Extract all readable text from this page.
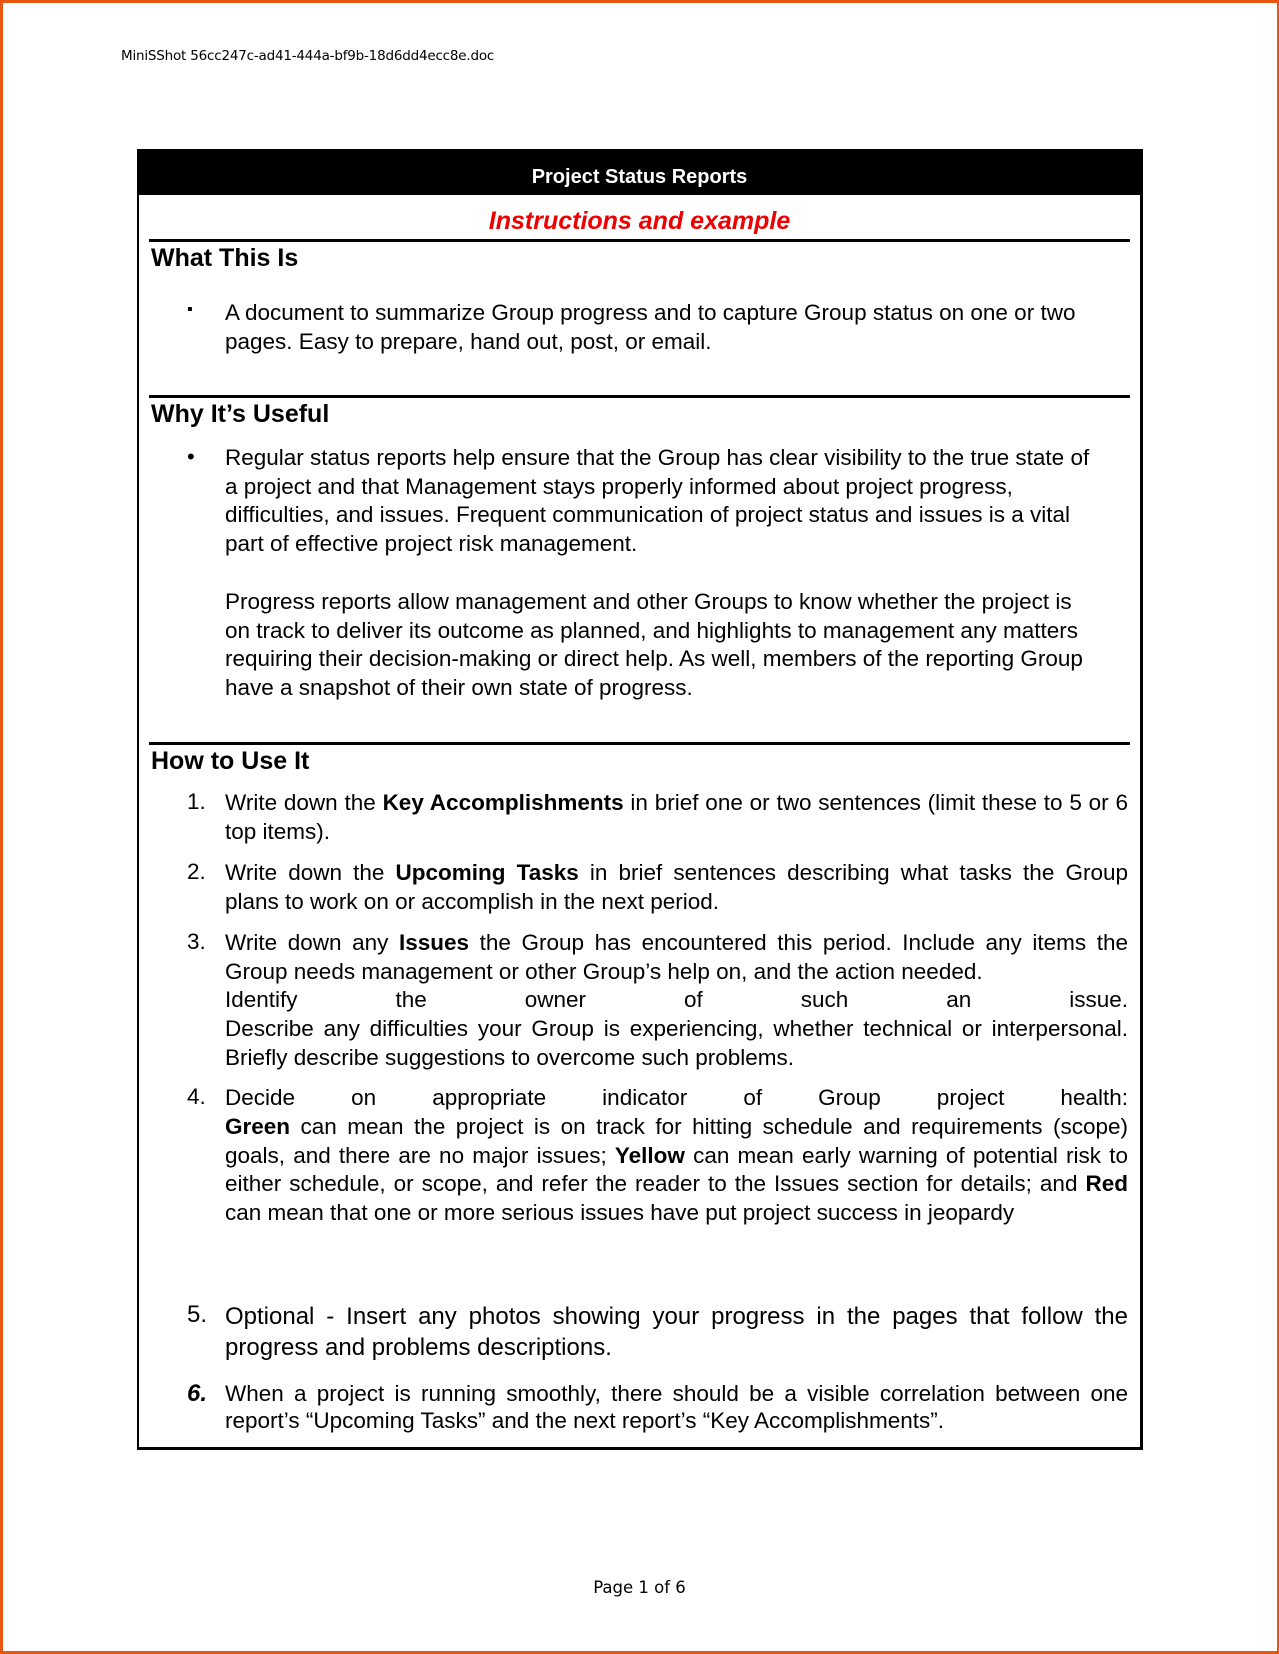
MiniSShot 56cc247c-ad41-444a-bf9b-18d6dd4ecc8e.doc
Project Status Reports
Instructions and example
What This Is
▪ A document to summarize Group progress and to capture Group status on one or two pages. Easy to prepare, hand out, post, or email.
Why It’s Useful
• Regular status reports help ensure that the Group has clear visibility to the true state of a project and that Management stays properly informed about project progress, difficulties, and issues. Frequent communication of project status and issues is a vital part of effective project risk management.
Progress reports allow management and other Groups to know whether the project is on track to deliver its outcome as planned, and highlights to management any matters requiring their decision-making or direct help. As well, members of the reporting Group have a snapshot of their own state of progress.
How to Use It
1. Write down the Key Accomplishments in brief one or two sentences (limit these to 5 or 6 top items).
2. Write down the Upcoming Tasks in brief sentences describing what tasks the Group plans to work on or accomplish in the next period.
3. Write down any Issues the Group has encountered this period. Include any items the Group needs management or other Group’s help on, and the action needed.
Identify the owner of such an issue.
Describe any difficulties your Group is experiencing, whether technical or interpersonal. Briefly describe suggestions to overcome such problems.
4. Decide on appropriate indicator of Group project health:
Green can mean the project is on track for hitting schedule and requirements (scope) goals, and there are no major issues; Yellow can mean early warning of potential risk to either schedule, or scope, and refer the reader to the Issues section for details; and Red can mean that one or more serious issues have put project success in jeopardy
5. Optional - Insert any photos showing your progress in the pages that follow the progress and problems descriptions.
6. When a project is running smoothly, there should be a visible correlation between one report’s “Upcoming Tasks” and the next report’s “Key Accomplishments”.
Page 1 of 6
